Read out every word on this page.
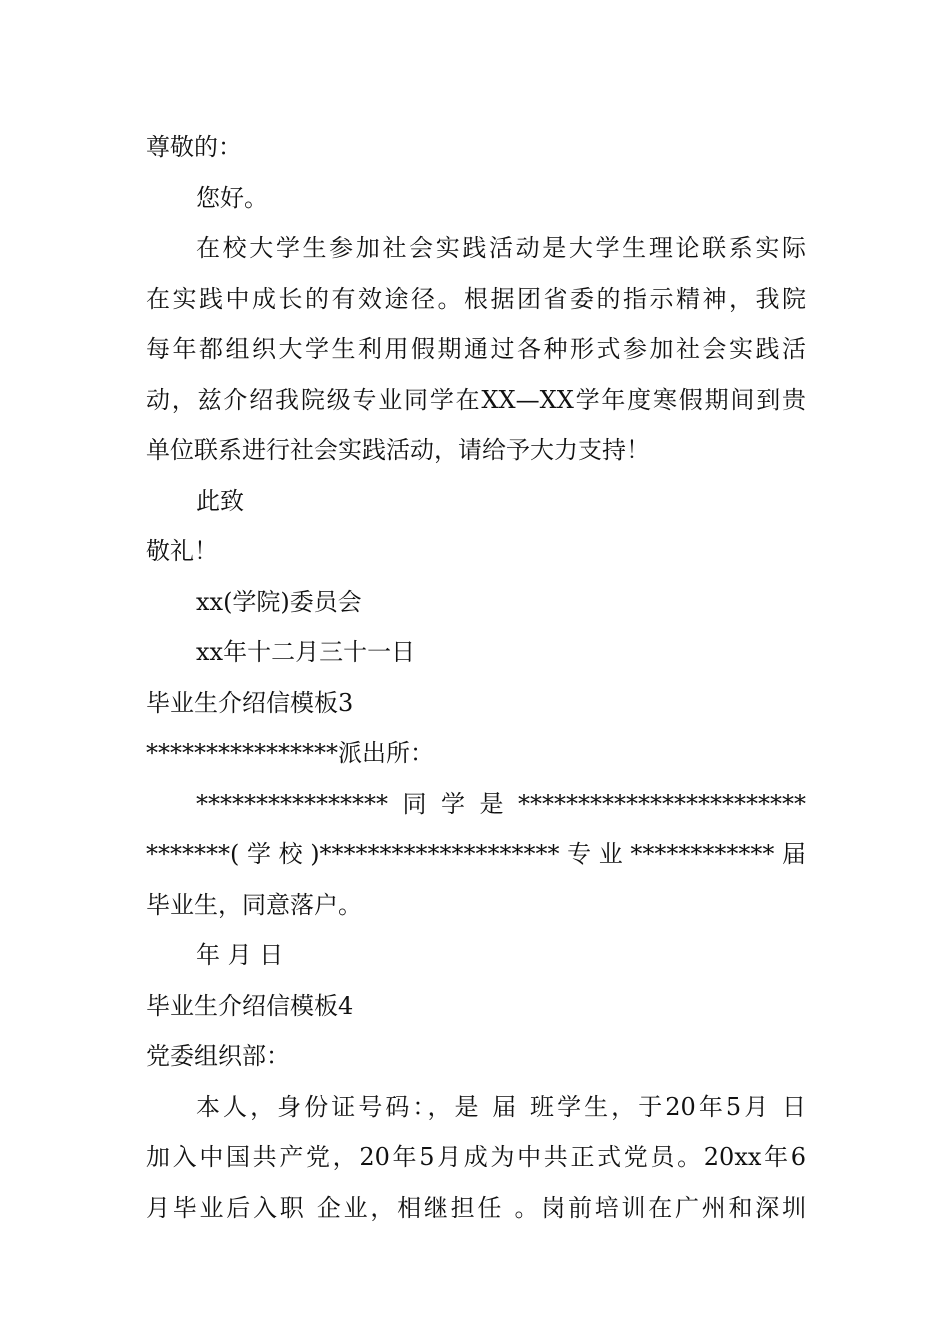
尊敬的：
您好。
在校大学生参加社会实践活动是大学生理论联系实际
在实践中成长的有效途径。根据团省委的指示精神，我院
每年都组织大学生利用假期通过各种形式参加社会实践活
动，兹介绍我院级专业同学在XX—XX学年度寒假期间到贵
单位联系进行社会实践活动，请给予大力支持！
此致
敬礼！
xx(学院)委员会
xx年十二月三十一日
毕业生介绍信模板3
****************派出所：
****************同学是************************
*******(学校)********************专业************届
毕业生，同意落户。
年 月 日
毕业生介绍信模板4
党委组织部：
本人，身份证号码：，是 届 班学生，于20年5月 日
加入中国共产党，20年5月成为中共正式党员。20xx年6
月毕业后入职 企业，相继担任 。岗前培训在广州和深圳
